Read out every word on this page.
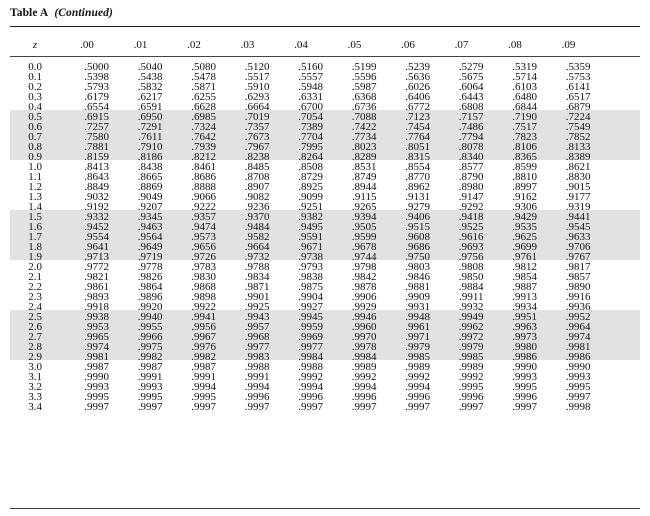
Table A (Continued)
z	.00	.01	.02	.03	.04	.05	.06	.07	.08	.09
0.0	.5000	.5040	.5080	.5120	.5160	.5199	.5239	.5279	.5319	.5359
0.1	.5398	.5438	.5478	.5517	.5557	.5596	.5636	.5675	.5714	.5753
0.2	.5793	.5832	.5871	.5910	.5948	.5987	.6026	.6064	.6103	.6141
0.3	.6179	.6217	.6255	.6293	.6331	.6368	.6406	.6443	.6480	.6517
0.4	.6554	.6591	.6628	.6664	.6700	.6736	.6772	.6808	.6844	.6879
0.5	.6915	.6950	.6985	.7019	.7054	.7088	.7123	.7157	.7190	.7224
0.6	.7257	.7291	.7324	.7357	.7389	.7422	.7454	.7486	.7517	.7549
0.7	.7580	.7611	.7642	.7673	.7704	.7734	.7764	.7794	.7823	.7852
0.8	.7881	.7910	.7939	.7967	.7995	.8023	.8051	.8078	.8106	.8133
0.9	.8159	.8186	.8212	.8238	.8264	.8289	.8315	.8340	.8365	.8389
1.0	.8413	.8438	.8461	.8485	.8508	.8531	.8554	.8577	.8599	.8621
1.1	.8643	.8665	.8686	.8708	.8729	.8749	.8770	.8790	.8810	.8830
1.2	.8849	.8869	.8888	.8907	.8925	.8944	.8962	.8980	.8997	.9015
1.3	.9032	.9049	.9066	.9082	.9099	.9115	.9131	.9147	.9162	.9177
1.4	.9192	.9207	.9222	.9236	.9251	.9265	.9279	.9292	.9306	.9319
1.5	.9332	.9345	.9357	.9370	.9382	.9394	.9406	.9418	.9429	.9441
1.6	.9452	.9463	.9474	.9484	.9495	.9505	.9515	.9525	.9535	.9545
1.7	.9554	.9564	.9573	.9582	.9591	.9599	.9608	.9616	.9625	.9633
1.8	.9641	.9649	.9656	.9664	.9671	.9678	.9686	.9693	.9699	.9706
1.9	.9713	.9719	.9726	.9732	.9738	.9744	.9750	.9756	.9761	.9767
2.0	.9772	.9778	.9783	.9788	.9793	.9798	.9803	.9808	.9812	.9817
2.1	.9821	.9826	.9830	.9834	.9838	.9842	.9846	.9850	.9854	.9857
2.2	.9861	.9864	.9868	.9871	.9875	.9878	.9881	.9884	.9887	.9890
2.3	.9893	.9896	.9898	.9901	.9904	.9906	.9909	.9911	.9913	.9916
2.4	.9918	.9920	.9922	.9925	.9927	.9929	.9931	.9932	.9934	.9936
2.5	.9938	.9940	.9941	.9943	.9945	.9946	.9948	.9949	.9951	.9952
2.6	.9953	.9955	.9956	.9957	.9959	.9960	.9961	.9962	.9963	.9964
2.7	.9965	.9966	.9967	.9968	.9969	.9970	.9971	.9972	.9973	.9974
2.8	.9974	.9975	.9976	.9977	.9977	.9978	.9979	.9979	.9980	.9981
2.9	.9981	.9982	.9982	.9983	.9984	.9984	.9985	.9985	.9986	.9986
3.0	.9987	.9987	.9987	.9988	.9988	.9989	.9989	.9989	.9990	.9990
3.1	.9990	.9991	.9991	.9991	.9992	.9992	.9992	.9992	.9993	.9993
3.2	.9993	.9993	.9994	.9994	.9994	.9994	.9994	.9995	.9995	.9995
3.3	.9995	.9995	.9995	.9996	.9996	.9996	.9996	.9996	.9996	.9997
3.4	.9997	.9997	.9997	.9997	.9997	.9997	.9997	.9997	.9997	.9998
